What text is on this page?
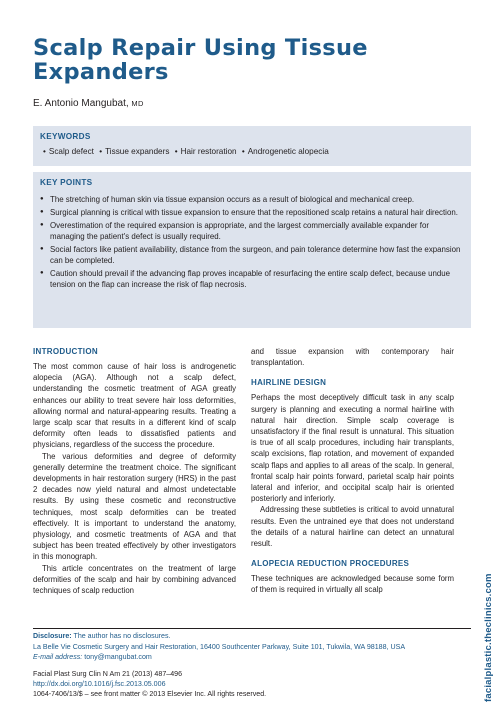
Scalp Repair Using Tissue Expanders
E. Antonio Mangubat, MD
KEYWORDS
• Scalp defect • Tissue expanders • Hair restoration • Androgenetic alopecia
KEY POINTS
● The stretching of human skin via tissue expansion occurs as a result of biological and mechanical creep.
● Surgical planning is critical with tissue expansion to ensure that the repositioned scalp retains a natural hair direction.
● Overestimation of the required expansion is appropriate, and the largest commercially available expander for managing the patient's defect is usually required.
● Social factors like patient availability, distance from the surgeon, and pain tolerance determine how fast the expansion can be completed.
● Caution should prevail if the advancing flap proves incapable of resurfacing the entire scalp defect, because undue tension on the flap can increase the risk of flap necrosis.
INTRODUCTION

The most common cause of hair loss is androgenetic alopecia (AGA). Although not a scalp defect, understanding the cosmetic treatment of AGA greatly enhances our ability to treat severe hair loss deformities, allowing normal and natural-appearing results. Treating a large scalp scar that results in a different kind of scalp deformity often leads to dissatisfied patients and physicians, regardless of the success the procedure.

The various deformities and degree of deformity generally determine the treatment choice. The significant developments in hair restoration surgery (HRS) in the past 2 decades now yield natural and almost undetectable results. By using these cosmetic and reconstructive techniques, most scalp deformities can be treated effectively. It is important to understand the anatomy, physiology, and cosmetic treatments of AGA and that subject has been treated effectively by other investigators in this monograph.

This article concentrates on the treatment of large deformities of the scalp and hair by combining advanced techniques of scalp reduction

and tissue expansion with contemporary hair transplantation.

HAIRLINE DESIGN

Perhaps the most deceptively difficult task in any scalp surgery is planning and executing a normal hairline with natural hair direction. Simple scalp coverage is unsatisfactory if the final result is unnatural. This situation is true of all scalp procedures, including hair transplants, scalp excisions, flap rotation, and movement of expanded scalp flaps and applies to all areas of the scalp. In general, frontal scalp hair points forward, parietal scalp hair points lateral and inferior, and occipital scalp hair is oriented posteriorly and inferiorly.

Addressing these subtleties is critical to avoid unnatural results. Even the untrained eye that does not understand the details of a natural hairline can detect an unnatural result.

ALOPECIA REDUCTION PROCEDURES

These techniques are acknowledged because some form of them is required in virtually all scalp

Disclosure: The author has no disclosures.
La Belle Vie Cosmetic Surgery and Hair Restoration, 16400 Southcenter Parkway, Suite 101, Tukwila, WA 98188, USA
E-mail address: tony@mangubat.com
Facial Plast Surg Clin N Am 21 (2013) 487–496
http://dx.doi.org/10.1016/j.fsc.2013.05.006
1064-7406/13/$ – see front matter © 2013 Elsevier Inc. All rights reserved.	facialplastic.theclinics.com
